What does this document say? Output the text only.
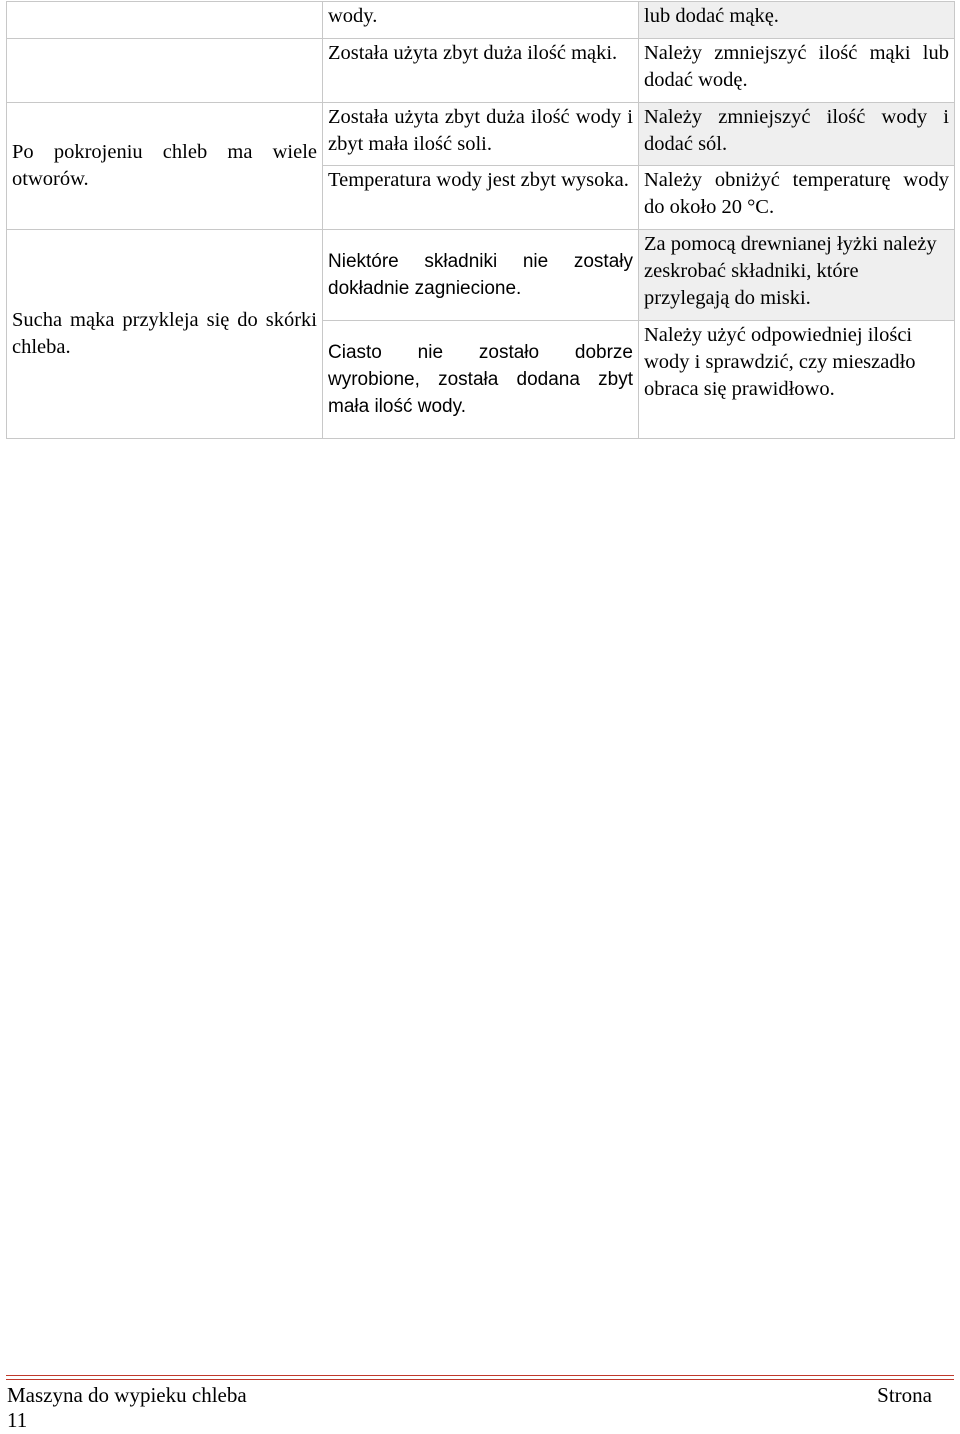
	wody.	lub dodać mąkę.
	Została użyta zbyt duża ilość mąki.	Należy zmniejszyć ilość mąki lub dodać wodę.
Po pokrojeniu chleb ma wiele otworów.	Została użyta zbyt duża ilość wody i zbyt mała ilość soli.	Należy zmniejszyć ilość wody i dodać sól.
	Temperatura wody jest zbyt wysoka.	Należy obniżyć temperaturę wody do około 20 °C.
Sucha mąka przykleja się do skórki chleba.	Niektóre składniki nie zostały dokładnie zagniecione.	Za pomocą drewnianej łyżki należy zeskrobać składniki, które przylegają do miski.
	Ciasto nie zostało dobrze wyrobione, została dodana zbyt mała ilość wody.	Należy użyć odpowiedniej ilości wody i sprawdzić, czy mieszadło obraca się prawidłowo.
Maszyna do wypieku chleba	Strona
11
